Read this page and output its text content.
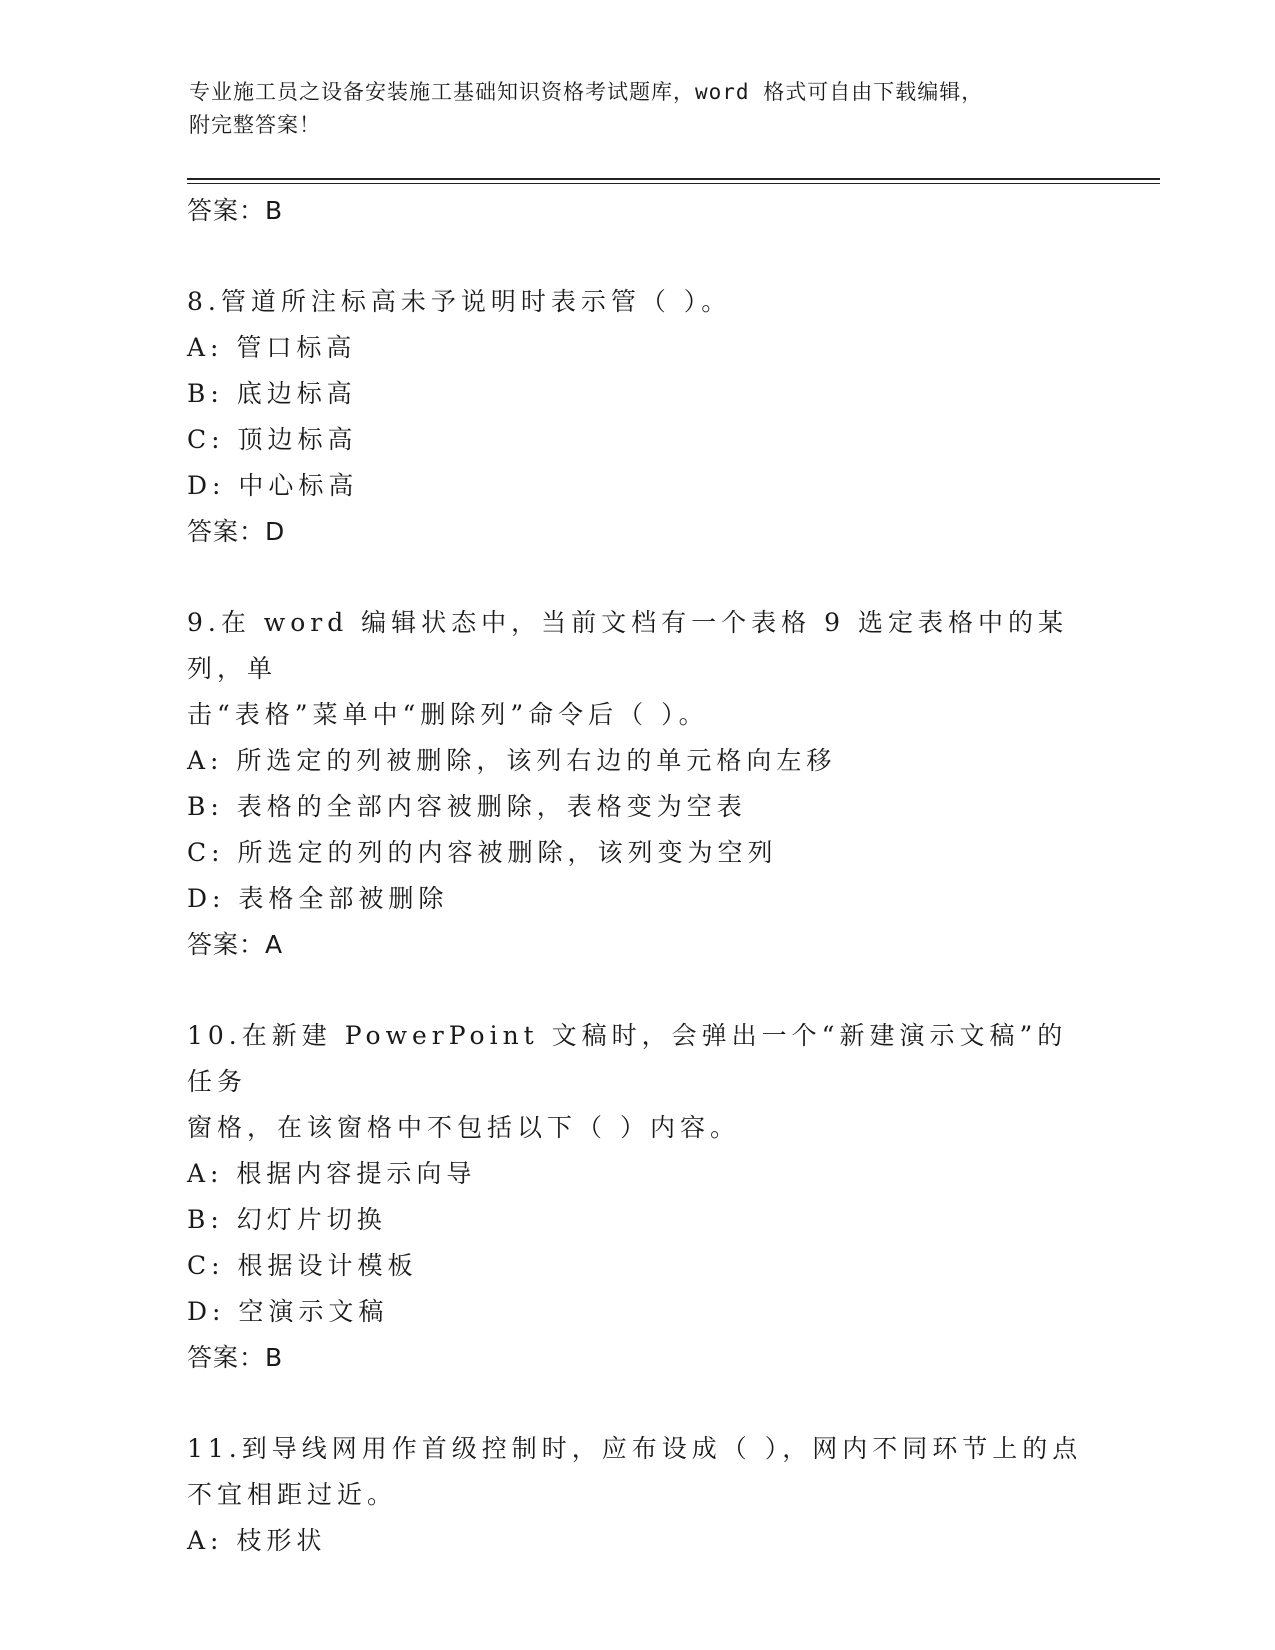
专业施工员之设备安装施工基础知识资格考试题库，word 格式可自由下载编辑，
附完整答案！
答案：B

8.管道所注标高未予说明时表示管（ ）。

A: 管口标高
B: 底边标高
C: 顶边标高
D: 中心标高
答案：D

9.在 word 编辑状态中，当前文档有一个表格 9 选定表格中的某列，单

击“表格”菜单中“删除列”命令后（ ）。

A: 所选定的列被删除，该列右边的单元格向左移
B: 表格的全部内容被删除，表格变为空表
C: 所选定的列的内容被删除，该列变为空列
D: 表格全部被删除
答案：A

10.在新建 PowerPoint 文稿时，会弹出一个“新建演示文稿”的任务

窗格，在该窗格中不包括以下（ ）内容。

A: 根据内容提示向导
B: 幻灯片切换
C: 根据设计模板
D: 空演示文稿
答案：B

11.到导线网用作首级控制时，应布设成（ ），网内不同环节上的点

不宜相距过近。

A: 枝形状
